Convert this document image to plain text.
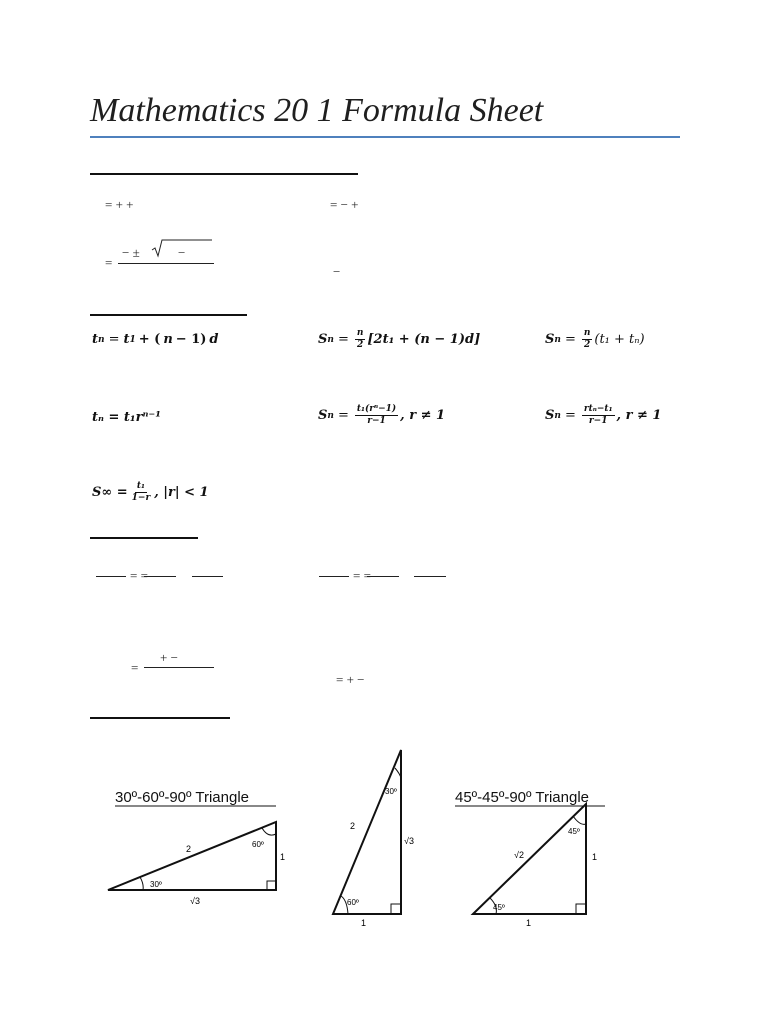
Mathematics 20 1 Formula Sheet
= + +	= − +
=
− ±	−
−
t n = t 1 + ( n − 1) d	S $n = \frac{n}{2} [2t_1 + (n - 1)d]$	S $n = \frac{n}{2} (t_1 + t_n)$
tₙ = t₁rⁿ⁻¹	S $n = \frac{\text{t₁(rⁿ−1)}}{r-1}$ , r ≠ 1	S $n = \frac{\text{rtₙ−t₁}}{r-1}$ , r ≠ 1
$S\infty = \frac{\text{t₁}}{1-r}$ , |r| < 1
= =	= =
=
+ −
= + −
30º-60º-90º Triangle
2
1
√3
60º
30º
2
√3
1
30º
60º
45º-45º-90º Triangle
√2	1
1
45º
45º
